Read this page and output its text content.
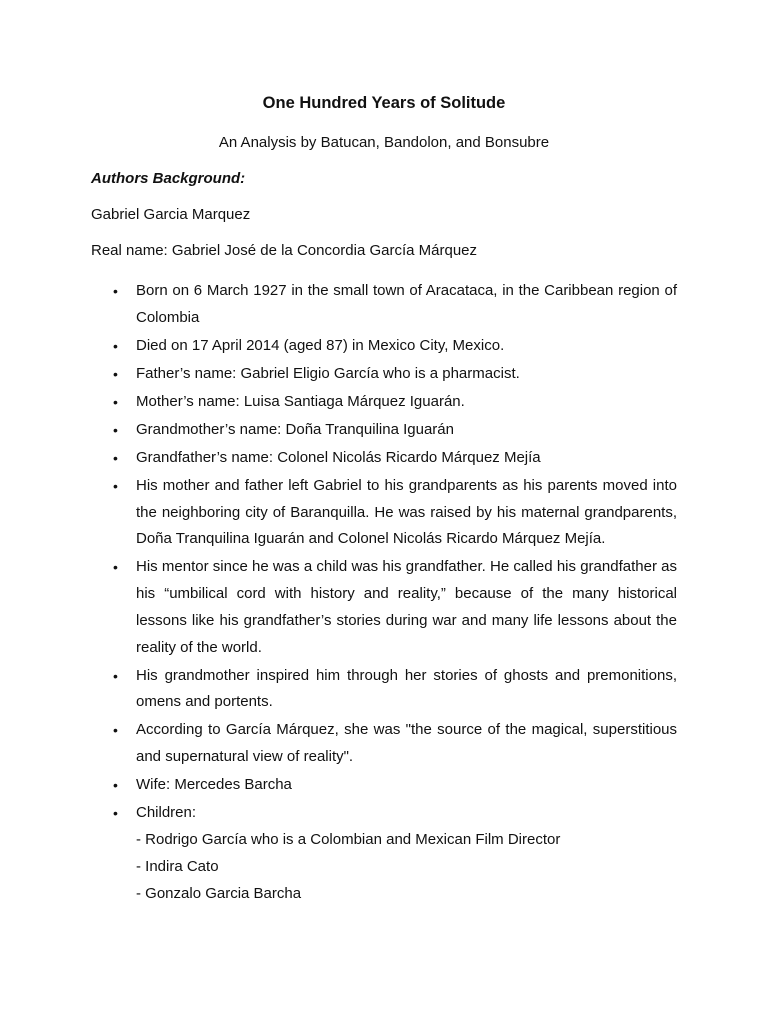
One Hundred Years of Solitude

An Analysis by Batucan, Bandolon, and Bonsubre

Authors Background:

Gabriel Garcia Marquez

Real name: Gabriel José de la Concordia García Márquez

• Born on 6 March 1927 in the small town of Aracataca, in the Caribbean region of Colombia
• Died on 17 April 2014 (aged 87) in Mexico City, Mexico.
• Father’s name: Gabriel Eligio García who is a pharmacist.
• Mother’s name: Luisa Santiaga Márquez Iguarán.
• Grandmother’s name: Doña Tranquilina Iguarán
• Grandfather’s name: Colonel Nicolás Ricardo Márquez Mejía
• His mother and father left Gabriel to his grandparents as his parents moved into the neighboring city of Baranquilla. He was raised by his maternal grandparents, Doña Tranquilina Iguarán and Colonel Nicolás Ricardo Márquez Mejía.
• His mentor since he was a child was his grandfather. He called his grandfather as his “umbilical cord with history and reality,” because of the many historical lessons like his grandfather’s stories during war and many life lessons about the reality of the world.
• His grandmother inspired him through her stories of ghosts and premonitions, omens and portents.
• According to García Márquez, she was "the source of the magical, superstitious and supernatural view of reality".
• Wife: Mercedes Barcha
• Children:
- Rodrigo García who is a Colombian and Mexican Film Director
- Indira Cato
- Gonzalo Garcia Barcha
